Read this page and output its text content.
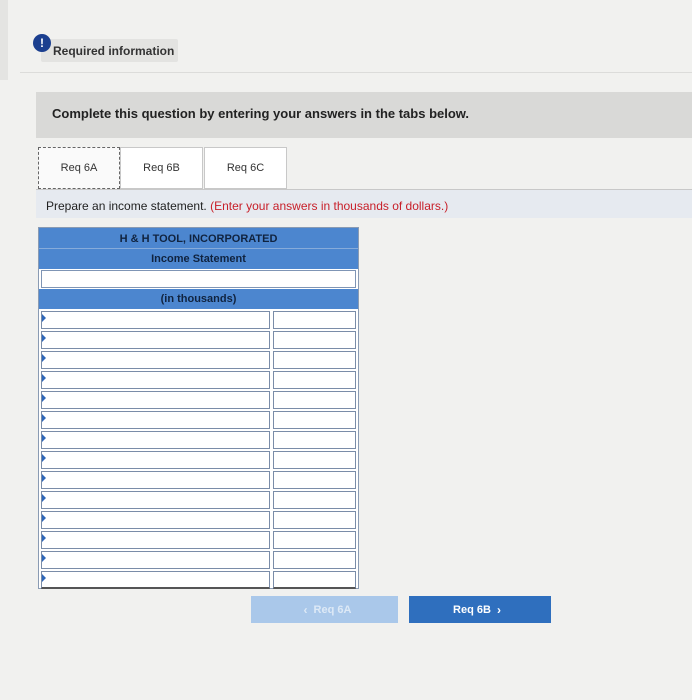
!
Required information
Complete this question by entering your answers in the tabs below.
Req 6A	Req 6B	Req 6C
Prepare an income statement. (Enter your answers in thousands of dollars.)
H & H TOOL, INCORPORATED
Income Statement
(in thousands)
‹ Req 6A	Req 6B ›
